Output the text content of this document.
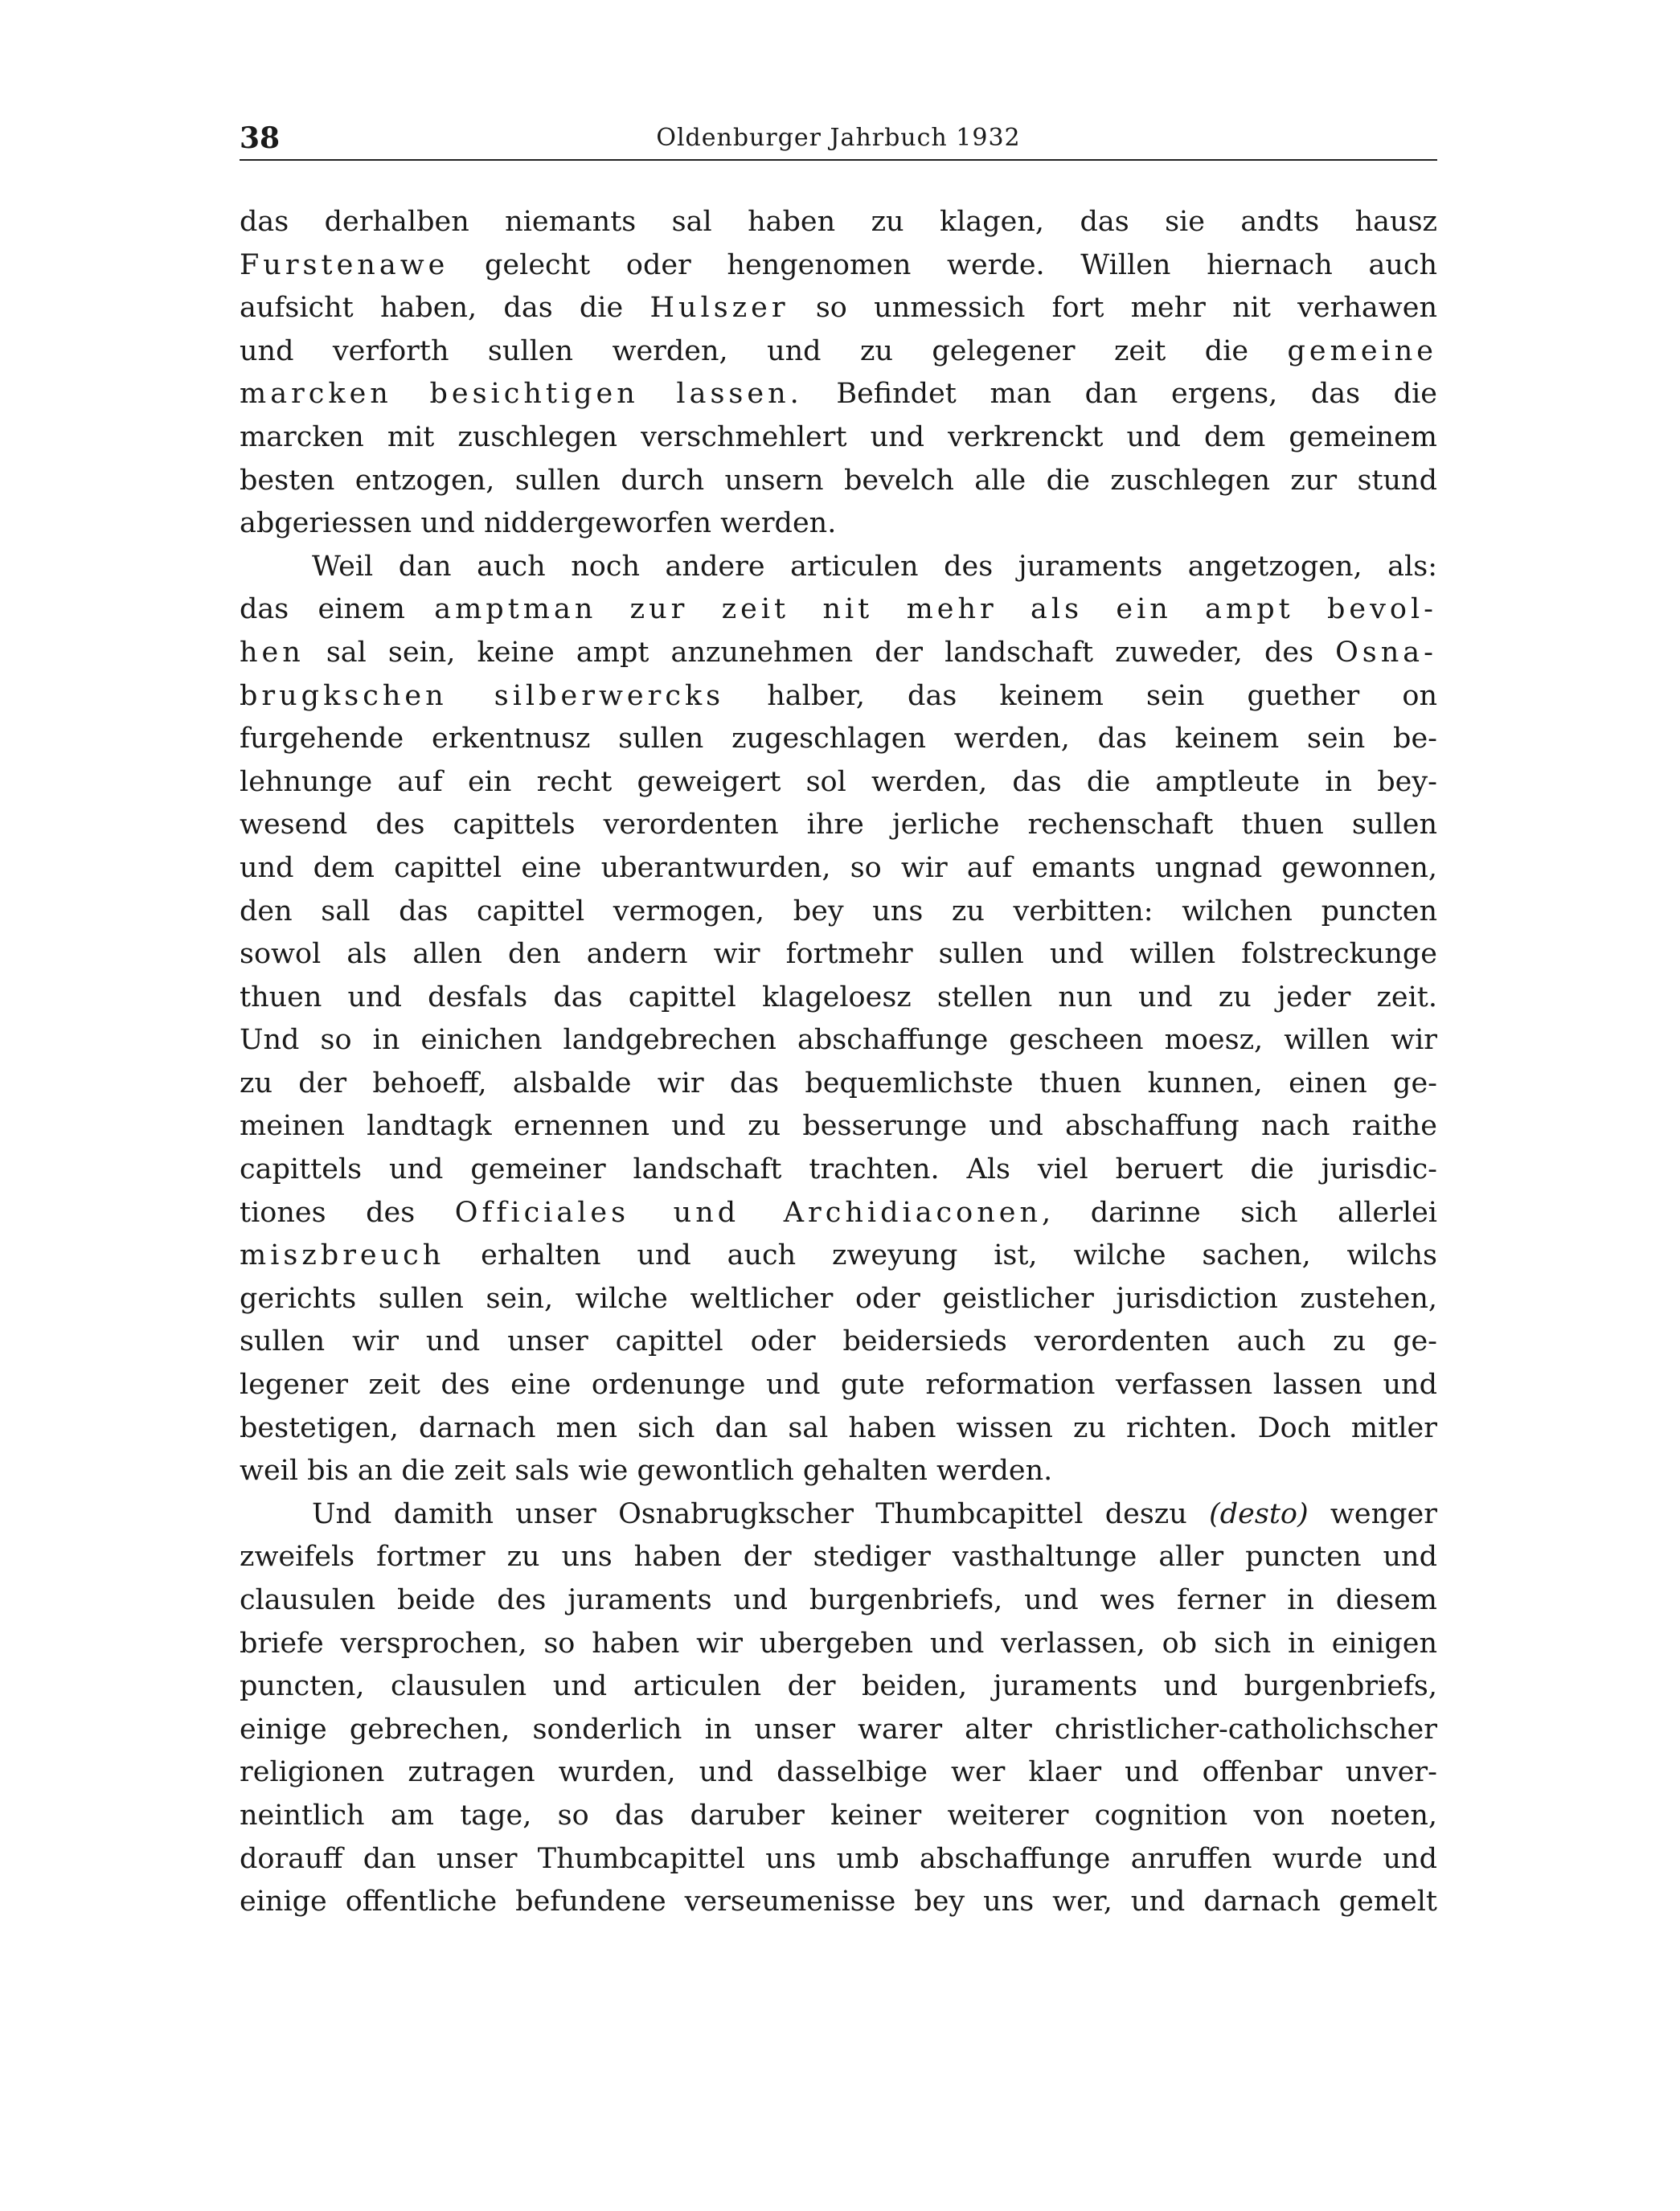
38	Oldenburger Jahrbuch 1932
das derhalben niemants sal haben zu klagen, das sie andts hausz
Furstenawe gelecht oder hengenomen werde. Willen hiernach auch
aufsicht haben, das die Hulszer so unmessich fort mehr nit verhawen
und verforth sullen werden, und zu gelegener zeit die gemeine
marcken besichtigen lassen. Befindet man dan ergens, das die
marcken mit zuschlegen verschmehlert und verkrenckt und dem gemeinem
besten entzogen, sullen durch unsern bevelch alle die zuschlegen zur stund
abgeriessen und niddergeworfen werden.
Weil dan auch noch andere articulen des juraments angetzogen, als:
das einem amptman zur zeit nit mehr als ein ampt bevol-
hen sal sein, keine ampt anzunehmen der landschaft zuweder, des Osna-
brugkschen silberwercks halber, das keinem sein guether on
furgehende erkentnusz sullen zugeschlagen werden, das keinem sein be-
lehnunge auf ein recht geweigert sol werden, das die amptleute in bey-
wesend des capittels verordenten ihre jerliche rechenschaft thuen sullen
und dem capittel eine uberantwurden, so wir auf emants ungnad gewonnen,
den sall das capittel vermogen, bey uns zu verbitten: wilchen puncten
sowol als allen den andern wir fortmehr sullen und willen folstreckunge
thuen und desfals das capittel klageloesz stellen nun und zu jeder zeit.
Und so in einichen landgebrechen abschaffunge gescheen moesz, willen wir
zu der behoeff, alsbalde wir das bequemlichste thuen kunnen, einen ge-
meinen landtagk ernennen und zu besserunge und abschaffung nach raithe
capittels und gemeiner landschaft trachten. Als viel beruert die jurisdic-
tiones des Officiales und Archidiaconen, darinne sich allerlei
miszbreuch erhalten und auch zweyung ist, wilche sachen, wilchs
gerichts sullen sein, wilche weltlicher oder geistlicher jurisdiction zustehen,
sullen wir und unser capittel oder beidersieds verordenten auch zu ge-
legener zeit des eine ordenunge und gute reformation verfassen lassen und
bestetigen, darnach men sich dan sal haben wissen zu richten. Doch mitler
weil bis an die zeit sals wie gewontlich gehalten werden.
Und damith unser Osnabrugkscher Thumbcapittel deszu (desto) wenger
zweifels fortmer zu uns haben der stediger vasthaltunge aller puncten und
clausulen beide des juraments und burgenbriefs, und wes ferner in diesem
briefe versprochen, so haben wir ubergeben und verlassen, ob sich in einigen
puncten, clausulen und articulen der beiden, juraments und burgenbriefs,
einige gebrechen, sonderlich in unser warer alter christlicher-catholichscher
religionen zutragen wurden, und dasselbige wer klaer und offenbar unver-
neintlich am tage, so das daruber keiner weiterer cognition von noeten,
dorauff dan unser Thumbcapittel uns umb abschaffunge anruffen wurde und
einige offentliche befundene verseumenisse bey uns wer, und darnach gemelt
